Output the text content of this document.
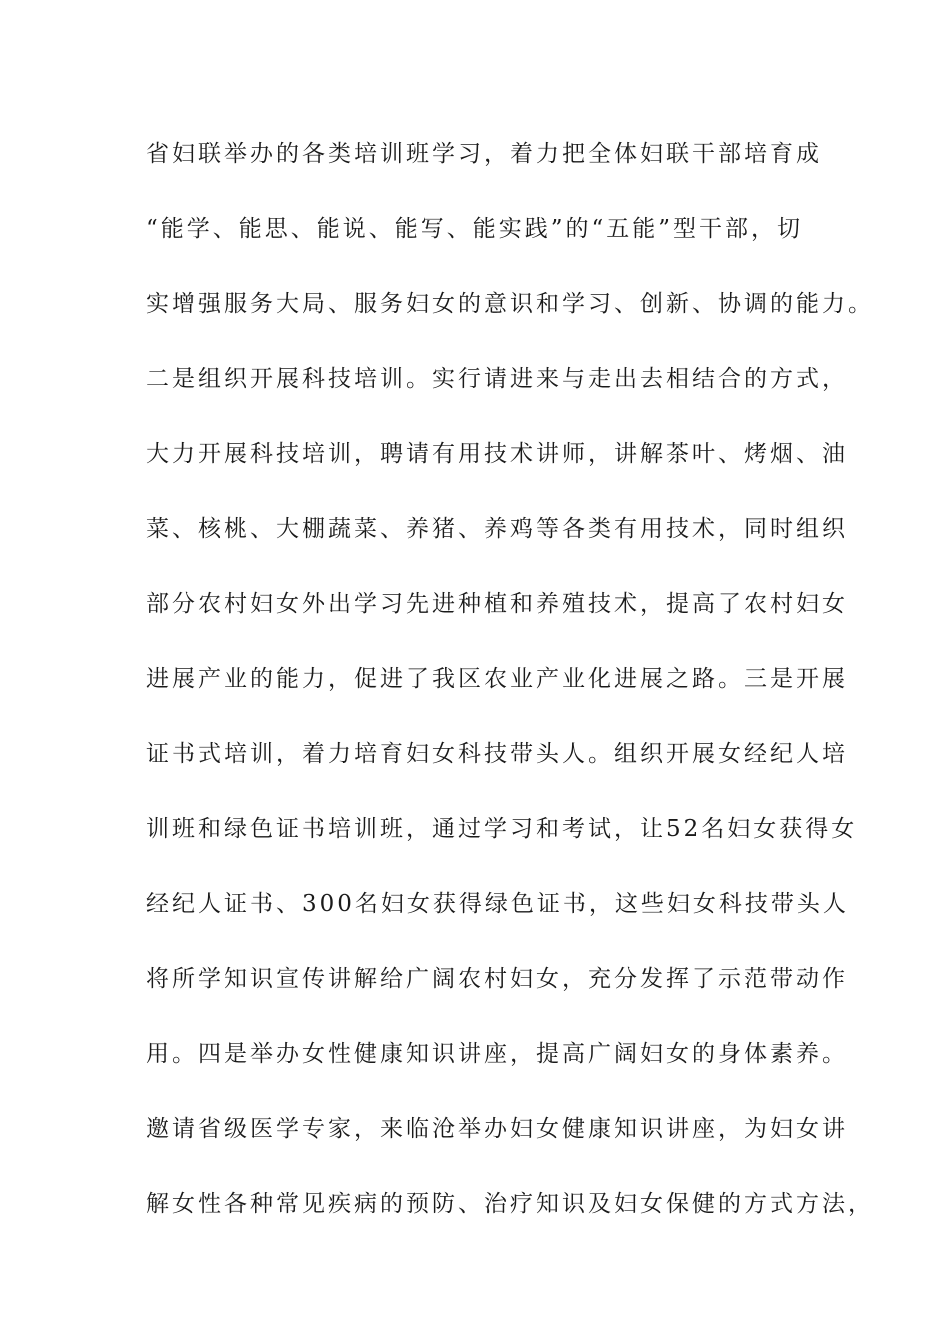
省妇联举办的各类培训班学习，着力把全体妇联干部培育成
“能学、能思、能说、能写、能实践”的“五能”型干部，切
实增强服务大局、服务妇女的意识和学习、创新、协调的能力。
二是组织开展科技培训。实行请进来与走出去相结合的方式，
大力开展科技培训，聘请有用技术讲师，讲解茶叶、烤烟、油
菜、核桃、大棚蔬菜、养猪、养鸡等各类有用技术，同时组织
部分农村妇女外出学习先进种植和养殖技术，提高了农村妇女
进展产业的能力，促进了我区农业产业化进展之路。三是开展
证书式培训，着力培育妇女科技带头人。组织开展女经纪人培
训班和绿色证书培训班，通过学习和考试，让52名妇女获得女
经纪人证书、300名妇女获得绿色证书，这些妇女科技带头人
将所学知识宣传讲解给广阔农村妇女，充分发挥了示范带动作
用。四是举办女性健康知识讲座，提高广阔妇女的身体素养。
邀请省级医学专家，来临沧举办妇女健康知识讲座，为妇女讲
解女性各种常见疾病的预防、治疗知识及妇女保健的方式方法，
